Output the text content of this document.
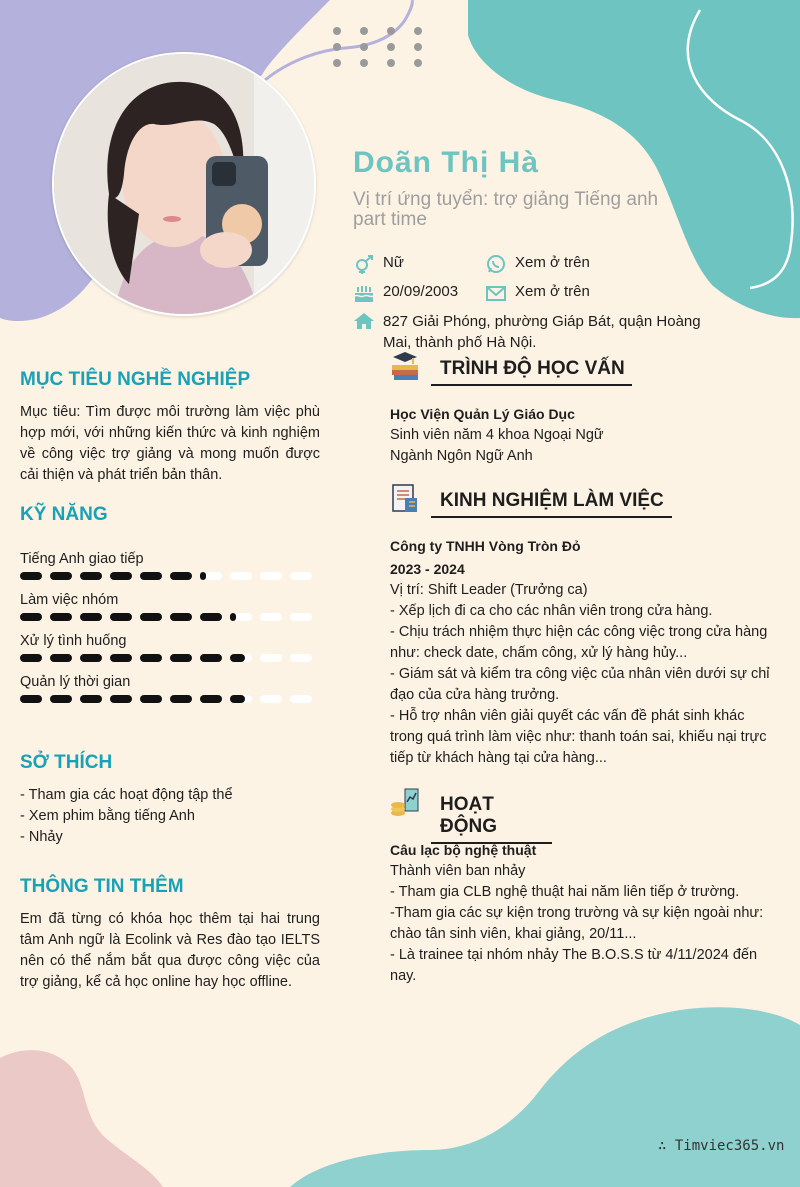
Doãn Thị Hà
Vị trí ứng tuyển: trợ giảng Tiếng anh part time
Nữ	Xem ở trên
20/09/2003	Xem ở trên
827 Giải Phóng, phường Giáp Bát, quận Hoàng Mai, thành phố Hà Nội.
MỤC TIÊU NGHỀ NGHIỆP
Mục tiêu: Tìm được môi trường làm việc phù hợp mới, với những kiến thức và kinh nghiệm về công việc trợ giảng và mong muốn được cải thiện và phát triển bản thân.
KỸ NĂNG
Tiếng Anh giao tiếp
Làm việc nhóm
Xử lý tình huống
Quản lý thời gian
SỞ THÍCH
- Tham gia các hoạt động tập thể
- Xem phim bằng tiếng Anh
- Nhảy
THÔNG TIN THÊM
Em đã từng có khóa học thêm tại hai trung tâm Anh ngữ là Ecolink và Res đào tạo IELTS nên có thể nắm bắt qua được công việc của trợ giảng, kể cả học online hay học offline.
TRÌNH ĐỘ HỌC VẤN
Học Viện Quản Lý Giáo Dục
Sinh viên năm 4 khoa Ngoại Ngữ
Ngành Ngôn Ngữ Anh
KINH NGHIỆM LÀM VIỆC
Công ty TNHH Vòng Tròn Đỏ
2023 - 2024
Vị trí: Shift Leader (Trưởng ca)
- Xếp lịch đi ca cho các nhân viên trong cửa hàng.
- Chịu trách nhiệm thực hiện các công việc trong cửa hàng như: check date, chấm công, xử lý hàng hủy...
- Giám sát và kiểm tra công việc của nhân viên dưới sự chỉ đạo của cửa hàng trưởng.
- Hỗ trợ nhân viên giải quyết các vấn đề phát sinh khác trong quá trình làm việc như: thanh toán sai, khiếu nại trực tiếp từ khách hàng tại cửa hàng...
HOẠT ĐỘNG
Câu lạc bộ nghệ thuật
Thành viên ban nhảy
- Tham gia CLB nghệ thuật hai năm liên tiếp ở trường.
-Tham gia các sự kiện trong trường và sự kiện ngoài như: chào tân sinh viên, khai giảng, 20/11...
- Là trainee tại nhóm nhảy The B.O.S.S từ 4/11/2024 đến nay.
∴ Timviec365.vn
